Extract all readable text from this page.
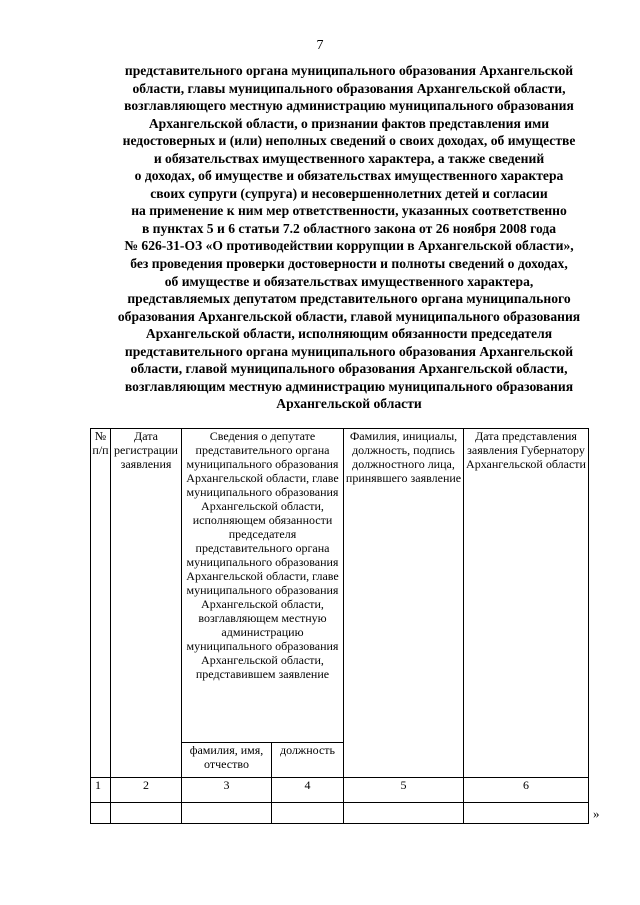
7
представительного органа муниципального образования Архангельской
области, главы муниципального образования Архангельской области,
возглавляющего местную администрацию муниципального образования
Архангельской области, о признании фактов представления ими
недостоверных и (или) неполных сведений о своих доходах, об имуществе
и обязательствах имущественного характера, а также сведений
о доходах, об имуществе и обязательствах имущественного характера
своих супруги (супруга) и несовершеннолетних детей и согласии
на применение к ним мер ответственности, указанных соответственно
в пунктах 5 и 6 статьи 7.2 областного закона от 26 ноября 2008 года
№ 626-31-ОЗ «О противодействии коррупции в Архангельской области»,
без проведения проверки достоверности и полноты сведений о доходах,
об имуществе и обязательствах имущественного характера,
представляемых депутатом представительного органа муниципального
образования Архангельской области, главой муниципального образования
Архангельской области, исполняющим обязанности председателя
представительного органа муниципального образования Архангельской
области, главой муниципального образования Архангельской области,
возглавляющим местную администрацию муниципального образования
Архангельской области
№ п/п	Дата регистрации заявления	Сведения о депутате представительного органа муниципального образования Архангельской области, главе муниципального образования Архангельской области, исполняющем обязанности председателя представительного органа муниципального образования Архангельской области, главе муниципального образования Архангельской области, возглавляющем местную администрацию муниципального образования Архангельской области, представившем заявление		Фамилия, инициалы, должность, подпись должностного лица, принявшего заявление	Дата представления заявления Губернатору Архангельской области
		фамилия, имя, отчество	должность		
1	2	3	4	5	6

»
